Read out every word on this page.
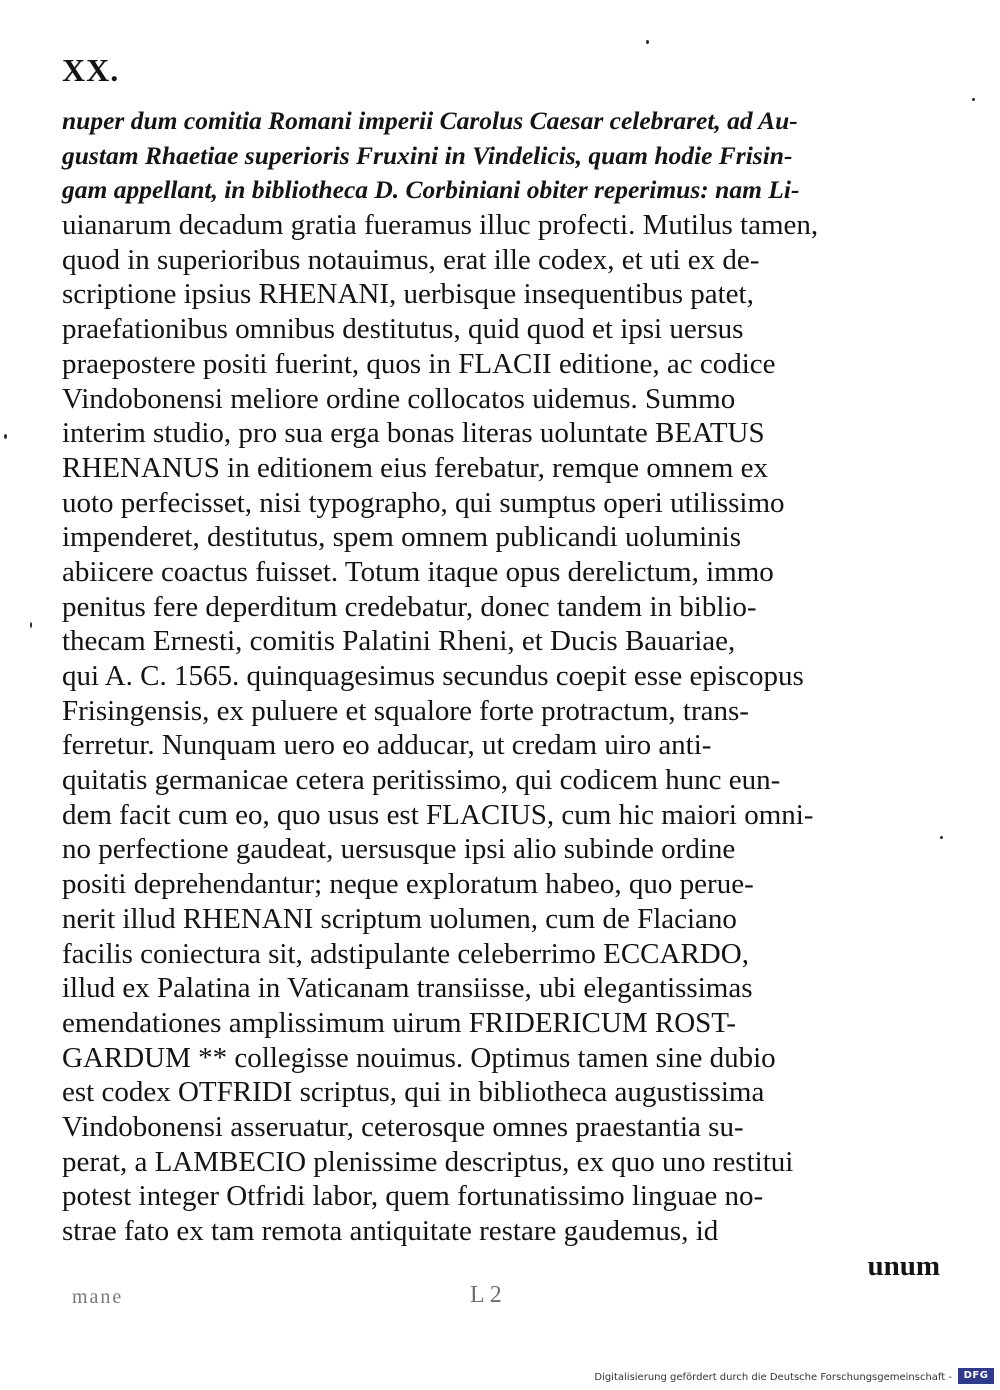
XX.
nuper dum comitia Romani imperii Carolus Caesar celebraret, ad Au-
gustam Rhaetiae superioris Fruxini in Vindelicis, quam hodie Frisin-
gam appellant, in bibliotheca D. Corbiniani obiter reperimus: nam Li-
uianarum decadum gratia fueramus illuc profecti. Mutilus tamen,
quod in superioribus notauimus, erat ille codex, et uti ex de-
scriptione ipsius RHENANI, uerbisque insequentibus patet,
praefationibus omnibus destitutus, quid quod et ipsi uersus
praepostere positi fuerint, quos in FLACII editione, ac codice
Vindobonensi meliore ordine collocatos uidemus. Summo
interim studio, pro sua erga bonas literas uoluntate BEATUS
RHENANUS in editionem eius ferebatur, remque omnem ex
uoto perfecisset, nisi typographo, qui sumptus operi utilissimo
impenderet, destitutus, spem omnem publicandi uoluminis
abiicere coactus fuisset. Totum itaque opus derelictum, immo
penitus fere deperditum credebatur, donec tandem in biblio-
thecam Ernesti, comitis Palatini Rheni, et Ducis Bauariae,
qui A. C. 1565. quinquagesimus secundus coepit esse episcopus
Frisingensis, ex puluere et squalore forte protractum, trans-
ferretur. Nunquam uero eo adducar, ut credam uiro anti-
quitatis germanicae cetera peritissimo, qui codicem hunc eun-
dem facit cum eo, quo usus est FLACIUS, cum hic maiori omni-
no perfectione gaudeat, uersusque ipsi alio subinde ordine
positi deprehendantur; neque exploratum habeo, quo perue-
nerit illud RHENANI scriptum uolumen, cum de Flaciano
facilis coniectura sit, adstipulante celeberrimo ECCARDO,
illud ex Palatina in Vaticanam transiisse, ubi elegantissimas
emendationes amplissimum uirum FRIDERICUM ROST-
GARDUM ** collegisse nouimus. Optimus tamen sine dubio
est codex OTFRIDI scriptus, qui in bibliotheca augustissima
Vindobonensi asseruatur, ceterosque omnes praestantia su-
perat, a LAMBECIO plenissime descriptus, ex quo uno restitui
potest integer Otfridi labor, quem fortunatissimo linguae no-
strae fato ex tam remota antiquitate restare gaudemus, id
unum
mane	L 2
Digitalisierung gefördert durch die Deutsche Forschungsgemeinschaft -	DFG
